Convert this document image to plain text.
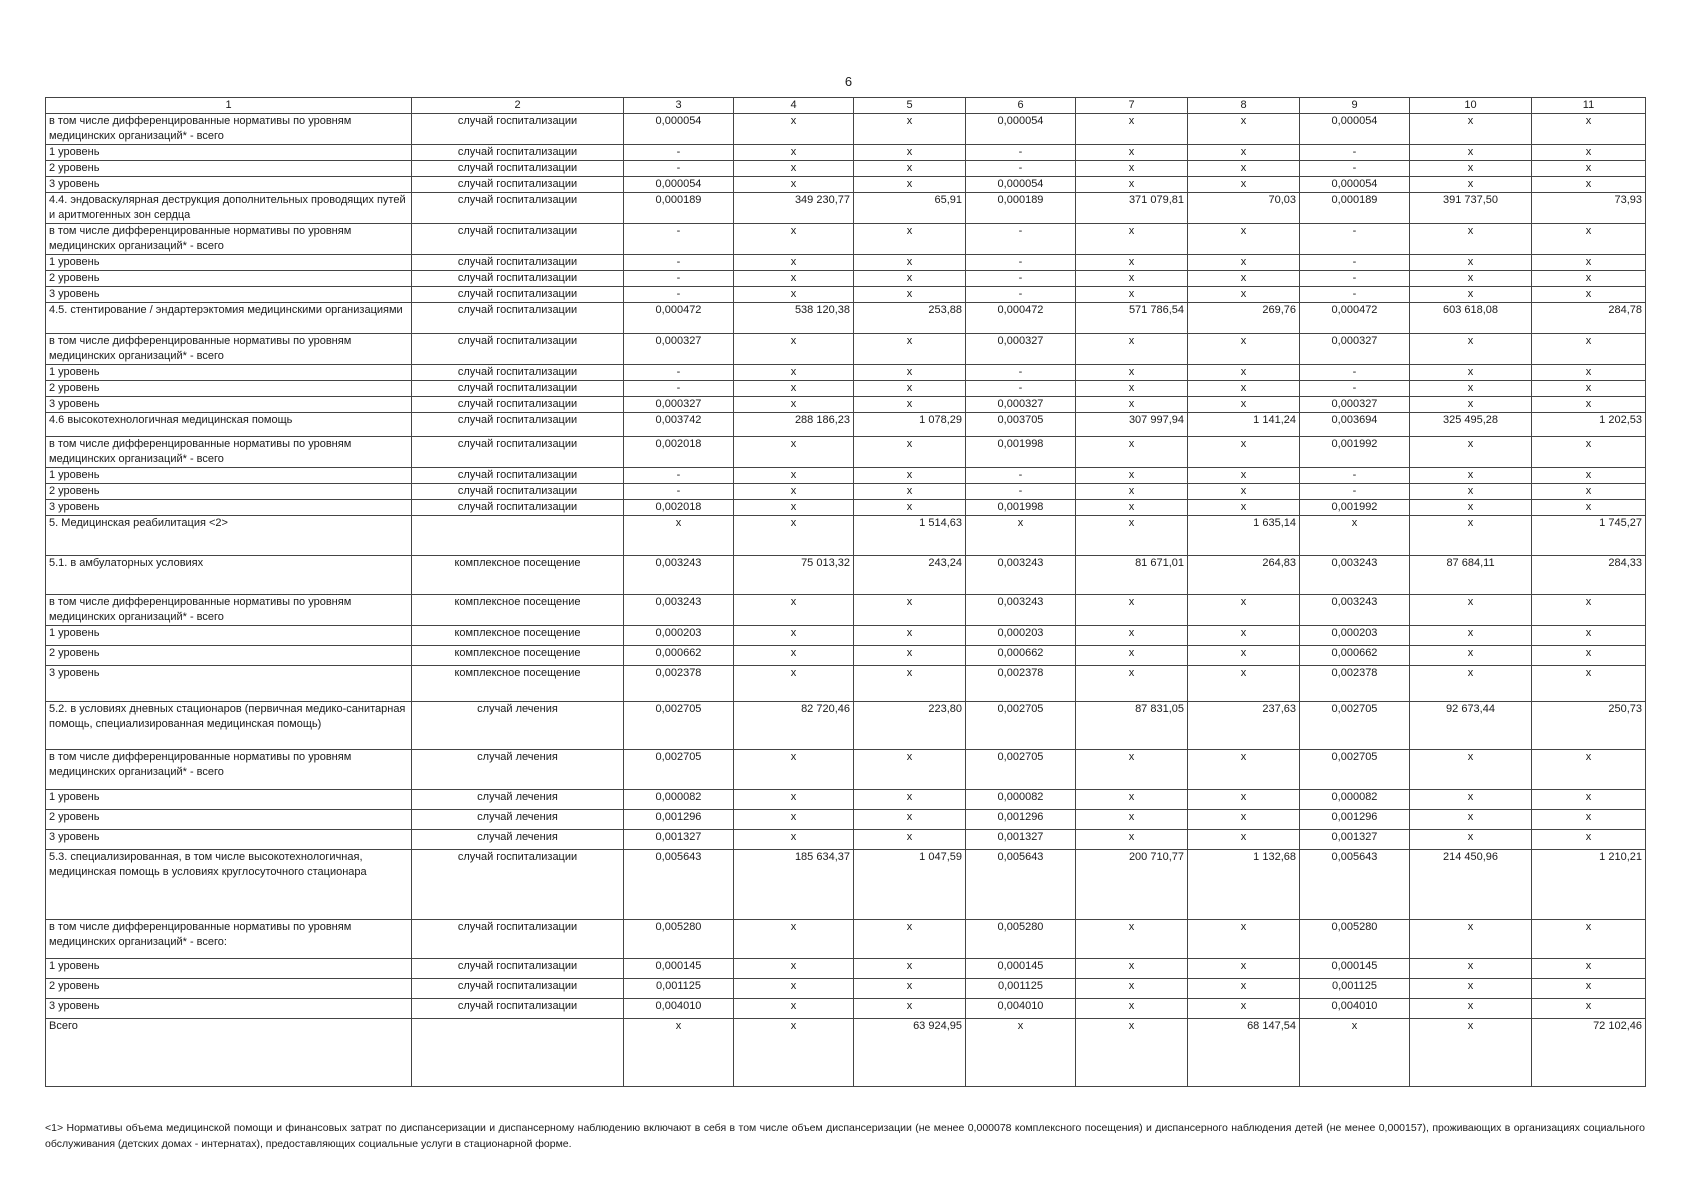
6
1	2	3	4	5	6	7	8	9	10	11
в том числе дифференцированные нормативы по уровням медицинских организаций* - всего	случай госпитализации	0,000054	x	x	0,000054	x	x	0,000054	x	x
1 уровень	случай госпитализации	-	x	x	-	x	x	-	x	x
2 уровень	случай госпитализации	-	x	x	-	x	x	-	x	x
3 уровень	случай госпитализации	0,000054	x	x	0,000054	x	x	0,000054	x	x
4.4. эндоваскулярная деструкция дополнительных проводящих путей и аритмогенных зон сердца	случай госпитализации	0,000189	349 230,77	65,91	0,000189	371 079,81	70,03	0,000189	391 737,50	73,93
в том числе дифференцированные нормативы по уровням медицинских организаций* - всего	случай госпитализации	-	x	x	-	x	x	-	x	x
1 уровень	случай госпитализации	-	x	x	-	x	x	-	x	x
2 уровень	случай госпитализации	-	x	x	-	x	x	-	x	x
3 уровень	случай госпитализации	-	x	x	-	x	x	-	x	x
4.5. стентирование / эндартерэктомия медицинскими организациями	случай госпитализации	0,000472	538 120,38	253,88	0,000472	571 786,54	269,76	0,000472	603 618,08	284,78
в том числе дифференцированные нормативы по уровням медицинских организаций* - всего	случай госпитализации	0,000327	x	x	0,000327	x	x	0,000327	x	x
1 уровень	случай госпитализации	-	x	x	-	x	x	-	x	x
2 уровень	случай госпитализации	-	x	x	-	x	x	-	x	x
3 уровень	случай госпитализации	0,000327	x	x	0,000327	x	x	0,000327	x	x
4.6 высокотехнологичная медицинская помощь	случай госпитализации	0,003742	288 186,23	1 078,29	0,003705	307 997,94	1 141,24	0,003694	325 495,28	1 202,53
в том числе дифференцированные нормативы по уровням медицинских организаций* - всего	случай госпитализации	0,002018	x	x	0,001998	x	x	0,001992	x	x
1 уровень	случай госпитализации	-	x	x	-	x	x	-	x	x
2 уровень	случай госпитализации	-	x	x	-	x	x	-	x	x
3 уровень	случай госпитализации	0,002018	x	x	0,001998	x	x	0,001992	x	x
5. Медицинская реабилитация <2>		x	x	1 514,63	x	x	1 635,14	x	x	1 745,27
5.1. в амбулаторных условиях	комплексное посещение	0,003243	75 013,32	243,24	0,003243	81 671,01	264,83	0,003243	87 684,11	284,33
в том числе дифференцированные нормативы по уровням медицинских организаций* - всего	комплексное посещение	0,003243	x	x	0,003243	x	x	0,003243	x	x
1 уровень	комплексное посещение	0,000203	x	x	0,000203	x	x	0,000203	x	x
2 уровень	комплексное посещение	0,000662	x	x	0,000662	x	x	0,000662	x	x
3 уровень	комплексное посещение	0,002378	x	x	0,002378	x	x	0,002378	x	x
5.2. в условиях дневных стационаров (первичная медико-санитарная помощь, специализированная медицинская помощь)	случай лечения	0,002705	82 720,46	223,80	0,002705	87 831,05	237,63	0,002705	92 673,44	250,73
в том числе дифференцированные нормативы по уровням медицинских организаций* - всего	случай лечения	0,002705	x	x	0,002705	x	x	0,002705	x	x
1 уровень	случай лечения	0,000082	x	x	0,000082	x	x	0,000082	x	x
2 уровень	случай лечения	0,001296	x	x	0,001296	x	x	0,001296	x	x
3 уровень	случай лечения	0,001327	x	x	0,001327	x	x	0,001327	x	x
5.3. специализированная, в том числе высокотехнологичная, медицинская помощь в условиях круглосуточного стационара	случай госпитализации	0,005643	185 634,37	1 047,59	0,005643	200 710,77	1 132,68	0,005643	214 450,96	1 210,21
в том числе дифференцированные нормативы по уровням медицинских организаций* - всего:	случай госпитализации	0,005280	x	x	0,005280	x	x	0,005280	x	x
1 уровень	случай госпитализации	0,000145	x	x	0,000145	x	x	0,000145	x	x
2 уровень	случай госпитализации	0,001125	x	x	0,001125	x	x	0,001125	x	x
3 уровень	случай госпитализации	0,004010	x	x	0,004010	x	x	0,004010	x	x
Всего		x	x	63 924,95	x	x	68 147,54	x	x	72 102,46
<1> Нормативы объема медицинской помощи и финансовых затрат по диспансеризации и диспансерному наблюдению включают в себя в том числе объем диспансеризации (не менее 0,000078 комплексного посещения) и диспансерного наблюдения детей (не менее 0,000157), проживающих в организациях социального обслуживания (детских домах - интернатах), предоставляющих социальные услуги в стационарной форме.
